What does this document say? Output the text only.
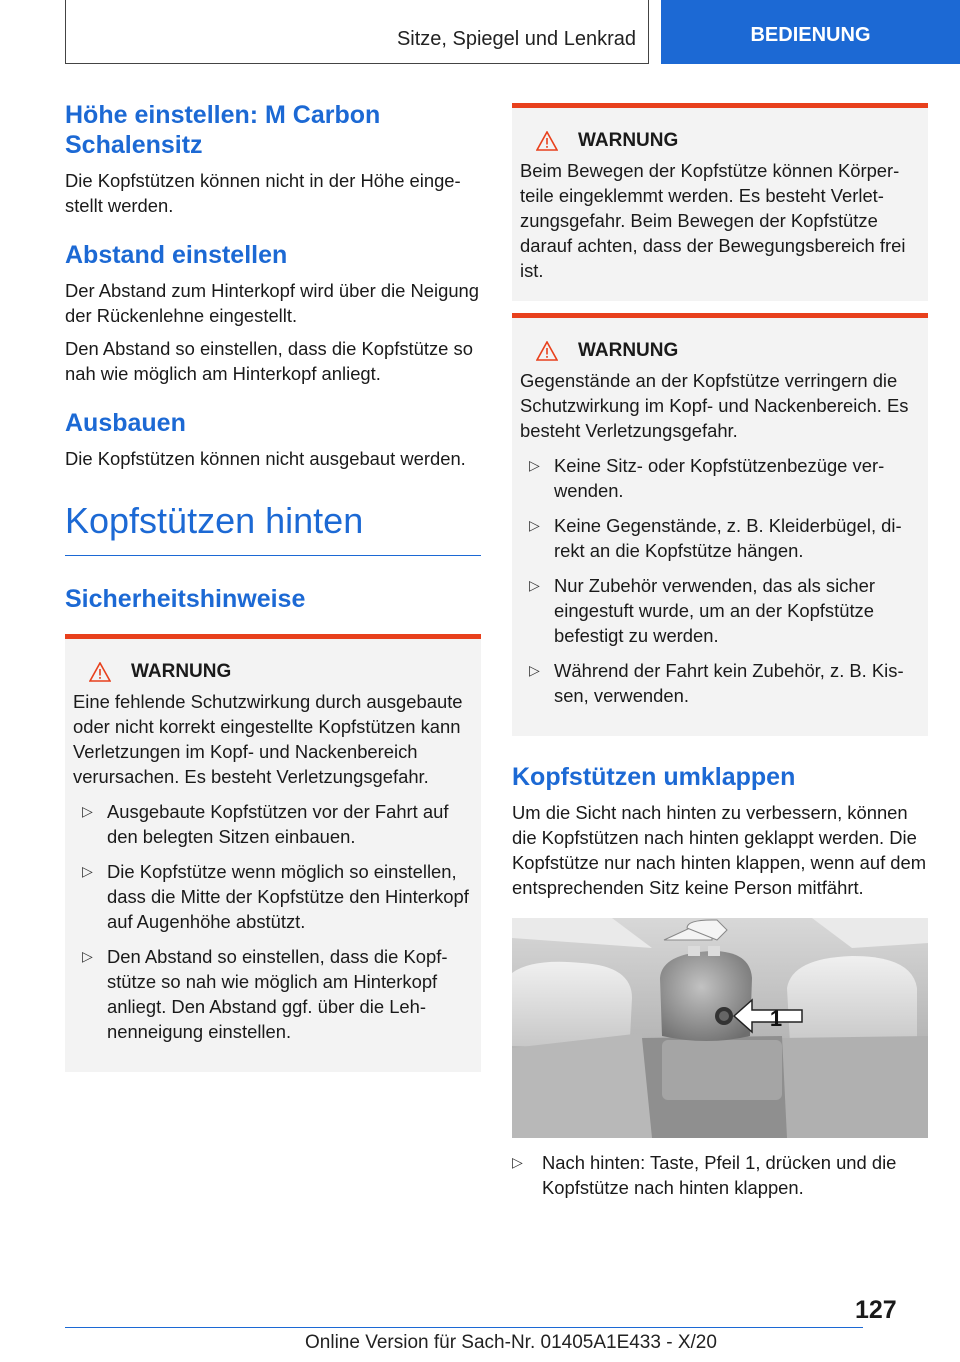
Sitze, Spiegel und Lenkrad	BEDIENUNG
Höhe einstellen: M Carbon Schalensitz

Die Kopfstützen können nicht in der Höhe eingestellt werden.

Abstand einstellen

Der Abstand zum Hinterkopf wird über die Neigung der Rückenlehne eingestellt.

Den Abstand so einstellen, dass die Kopfstütze so nah wie möglich am Hinterkopf anliegt.

Ausbauen

Die Kopfstützen können nicht ausgebaut werden.

Kopfstützen hinten
Sicherheitshinweise
WARNUNG

Eine fehlende Schutzwirkung durch ausgebaute oder nicht korrekt eingestellte Kopfstützen kann Verletzungen im Kopf- und Nackenbereich verursachen. Es besteht Verletzungsgefahr.

▷ Ausgebaute Kopfstützen vor der Fahrt auf den belegten Sitzen einbauen.
▷ Die Kopfstütze wenn möglich so einstellen, dass die Mitte der Kopfstütze den Hinterkopf auf Augenhöhe abstützt.
▷ Den Abstand so einstellen, dass die Kopfstütze so nah wie möglich am Hinterkopf anliegt. Den Abstand ggf. über die Lehnenneigung einstellen.
WARNUNG

Beim Bewegen der Kopfstütze können Körperteile eingeklemmt werden. Es besteht Verletzungsgefahr. Beim Bewegen der Kopfstütze darauf achten, dass der Bewegungsbereich frei ist.

WARNUNG

Gegenstände an der Kopfstütze verringern die Schutzwirkung im Kopf- und Nackenbereich. Es besteht Verletzungsgefahr.

▷ Keine Sitz- oder Kopfstützenbezüge verwenden.
▷ Keine Gegenstände, z. B. Kleiderbügel, direkt an die Kopfstütze hängen.
▷ Nur Zubehör verwenden, das als sicher eingestuft wurde, um an der Kopfstütze befestigt zu werden.
▷ Während der Fahrt kein Zubehör, z. B. Kissen, verwenden.
Kopfstützen umklappen

Um die Sicht nach hinten zu verbessern, können die Kopfstützen nach hinten geklappt werden. Die Kopfstütze nur nach hinten klappen, wenn auf dem entsprechenden Sitz keine Person mitfährt.

1
▷ Nach hinten: Taste, Pfeil 1, drücken und die Kopfstütze nach hinten klappen.
127
Online Version für Sach-Nr. 01405A1E433 - X/20
